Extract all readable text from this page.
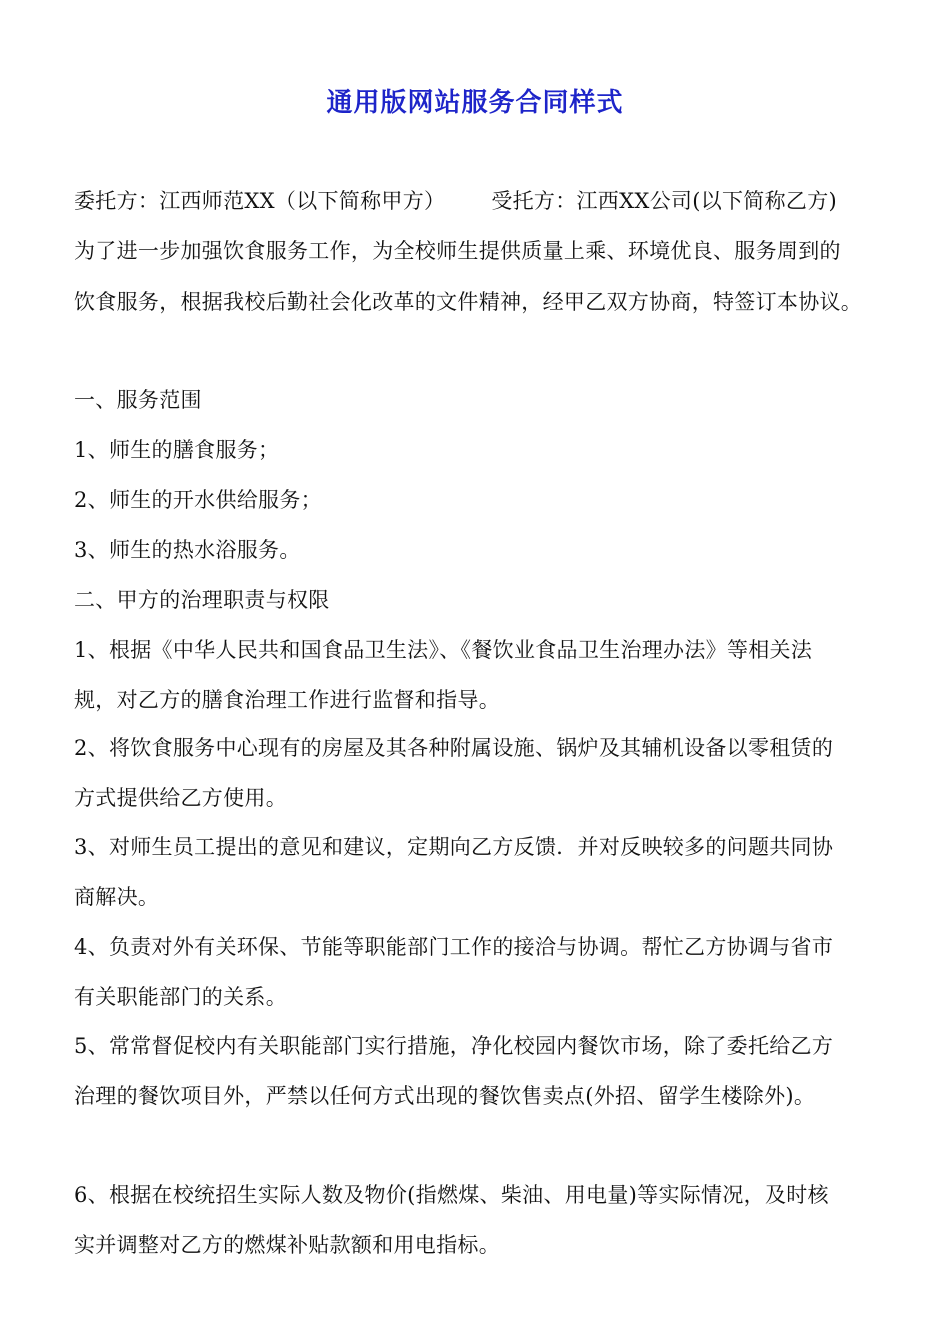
通用版网站服务合同样式
委托方：江西师范XX（以下简称甲方） 受托方：江西XX公司(以下简称乙方)
为了进一步加强饮食服务工作，为全校师生提供质量上乘、环境优良、服务周到的
饮食服务，根据我校后勤社会化改革的文件精神，经甲乙双方协商，特签订本协议。
一、服务范围
1、师生的膳食服务；
2、师生的开水供给服务；
3、师生的热水浴服务。
二、甲方的治理职责与权限
1、根据《中华人民共和国食品卫生法》、《餐饮业食品卫生治理办法》等相关法
规，对乙方的膳食治理工作进行监督和指导。
2、将饮食服务中心现有的房屋及其各种附属设施、锅炉及其辅机设备以零租赁的
方式提供给乙方使用。
3、对师生员工提出的意见和建议，定期向乙方反馈．并对反映较多的问题共同协
商解决。
4、负责对外有关环保、节能等职能部门工作的接洽与协调。帮忙乙方协调与省市
有关职能部门的关系。
5、常常督促校内有关职能部门实行措施，净化校园内餐饮市场，除了委托给乙方
治理的餐饮项目外，严禁以任何方式出现的餐饮售卖点(外招、留学生楼除外)。
6、根据在校统招生实际人数及物价(指燃煤、柴油、用电量)等实际情况，及时核
实并调整对乙方的燃煤补贴款额和用电指标。
